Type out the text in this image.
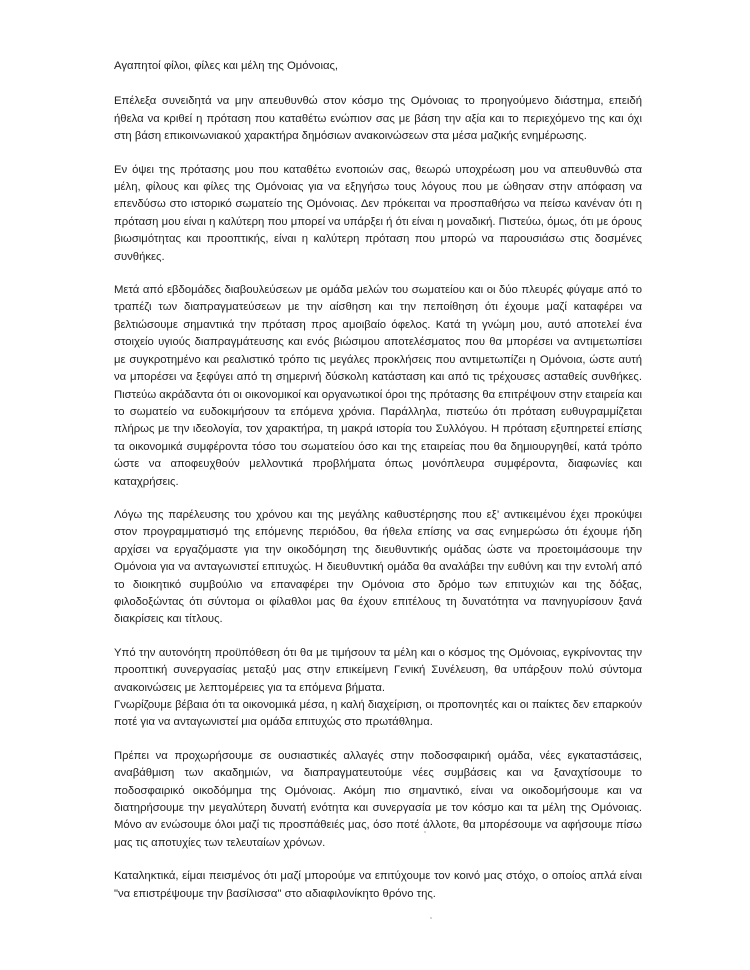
Αγαπητοί φίλοι, φίλες και μέλη της Ομόνοιας,

Επέλεξα συνειδητά να μην απευθυνθώ στον κόσμο της Ομόνοιας το προηγούμενο διάστημα, επειδή ήθελα να κριθεί η πρόταση που καταθέτω ενώπιον σας με βάση την αξία και το περιεχόμενο της και όχι στη βάση επικοινωνιακού χαρακτήρα δημόσιων ανακοινώσεων στα μέσα μαζικής ενημέρωσης.

Εν όψει της πρότασης μου που καταθέτω ενοποιών σας, θεωρώ υποχρέωση μου να απευθυνθώ στα μέλη, φίλους και φίλες της Ομόνοιας για να εξηγήσω τους λόγους που με ώθησαν στην απόφαση να επενδύσω στο ιστορικό σωματείο της Ομόνοιας. Δεν πρόκειται να προσπαθήσω να πείσω κανέναν ότι η πρόταση μου είναι η καλύτερη που μπορεί να υπάρξει ή ότι είναι η μοναδική. Πιστεύω, όμως, ότι με όρους βιωσιμότητας και προοπτικής, είναι η καλύτερη πρόταση που μπορώ να παρουσιάσω στις δοσμένες συνθήκες.

Μετά από εβδομάδες διαβουλεύσεων με ομάδα μελών του σωματείου και οι δύο πλευρές φύγαμε από το τραπέζι των διαπραγματεύσεων με την αίσθηση και την πεποίθηση ότι έχουμε μαζί καταφέρει να βελτιώσουμε σημαντικά την πρόταση προς αμοιβαίο όφελος. Κατά τη γνώμη μου, αυτό αποτελεί ένα στοιχείο υγιούς διαπραγμάτευσης και ενός βιώσιμου αποτελέσματος που θα μπορέσει να αντιμετωπίσει με συγκροτημένο και ρεαλιστικό τρόπο τις μεγάλες προκλήσεις που αντιμετωπίζει η Ομόνοια, ώστε αυτή να μπορέσει να ξεφύγει από τη σημερινή δύσκολη κατάσταση και από τις τρέχουσες ασταθείς συνθήκες. Πιστεύω ακράδαντα ότι οι οικονομικοί και οργανωτικοί όροι της πρότασης θα επιτρέψουν στην εταιρεία και το σωματείο να ευδοκιμήσουν τα επόμενα χρόνια. Παράλληλα, πιστεύω ότι πρόταση ευθυγραμμίζεται πλήρως με την ιδεολογία, τον χαρακτήρα, τη μακρά ιστορία του Συλλόγου. Η πρόταση εξυπηρετεί επίσης τα οικονομικά συμφέροντα τόσο του σωματείου όσο και της εταιρείας που θα δημιουργηθεί, κατά τρόπο ώστε να αποφευχθούν μελλοντικά προβλήματα όπως μονόπλευρα συμφέροντα, διαφωνίες και καταχρήσεις.

Λόγω της παρέλευσης του χρόνου και της μεγάλης καθυστέρησης που εξ’ αντικειμένου έχει προκύψει στον προγραμματισμό της επόμενης περιόδου, θα ήθελα επίσης να σας ενημερώσω ότι έχουμε ήδη αρχίσει να εργαζόμαστε για την οικοδόμηση της διευθυντικής ομάδας ώστε να προετοιμάσουμε την Ομόνοια για να ανταγωνιστεί επιτυχώς. Η διευθυντική ομάδα θα αναλάβει την ευθύνη και την εντολή από το διοικητικό συμβούλιο να επαναφέρει την Ομόνοια στο δρόμο των επιτυχιών και της δόξας, φιλοδοξώντας ότι σύντομα οι φίλαθλοι μας θα έχουν επιτέλους τη δυνατότητα να πανηγυρίσουν ξανά διακρίσεις και τίτλους.

Υπό την αυτονόητη προϋπόθεση ότι θα με τιμήσουν τα μέλη και ο κόσμος της Ομόνοιας, εγκρίνοντας την προοπτική συνεργασίας μεταξύ μας στην επικείμενη Γενική Συνέλευση, θα υπάρξουν πολύ σύντομα ανακοινώσεις με λεπτομέρειες για τα επόμενα βήματα.

Γνωρίζουμε βέβαια ότι τα οικονομικά μέσα, η καλή διαχείριση, οι προπονητές και οι παίκτες δεν επαρκούν ποτέ για να ανταγωνιστεί μια ομάδα επιτυχώς στο πρωτάθλημα.

Πρέπει να προχωρήσουμε σε ουσιαστικές αλλαγές στην ποδοσφαιρική ομάδα, νέες εγκαταστάσεις, αναβάθμιση των ακαδημιών, να διαπραγματευτούμε νέες συμβάσεις και να ξαναχτίσουμε το ποδοσφαιρικό οικοδόμημα της Ομόνοιας. Ακόμη πιο σημαντικό, είναι να οικοδομήσουμε και να διατηρήσουμε την μεγαλύτερη δυνατή ενότητα και συνεργασία με τον κόσμο και τα μέλη της Ομόνοιας. Μόνο αν ενώσουμε όλοι μαζί τις προσπάθειές μας, όσο ποτέ άλλοτε, θα μπορέσουμε να αφήσουμε πίσω μας τις αποτυχίες των τελευταίων χρόνων.

Καταληκτικά, είμαι πεισμένος ότι μαζί μπορούμε να επιτύχουμε τον κοινό μας στόχο, ο οποίος απλά είναι "να επιστρέψουμε την βασίλισσα" στο αδιαφιλονίκητο θρόνο της.
